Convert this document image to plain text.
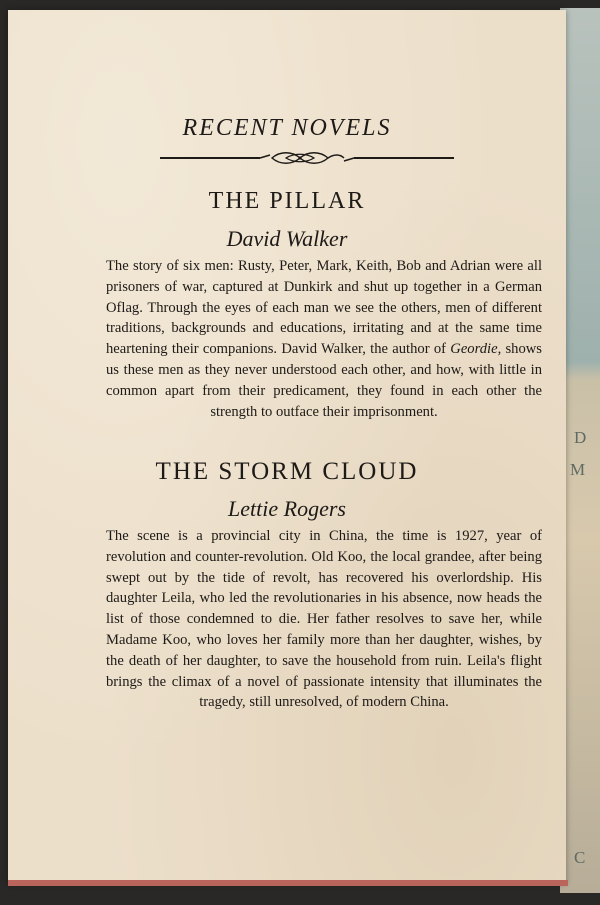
D
M
C
RECENT NOVELS
THE PILLAR
David Walker
The story of six men: Rusty, Peter, Mark, Keith, Bob and Adrian were all prisoners of war, captured at Dunkirk and shut up together in a German Oflag. Through the eyes of each man we see the others, men of different traditions, backgrounds and educations, irritating and at the same time heartening their companions. David Walker, the author of Geordie, shows us these men as they never understood each other, and how, with little in common apart from their predicament, they found in each other the strength to outface their imprisonment.
THE STORM CLOUD
Lettie Rogers
The scene is a provincial city in China, the time is 1927, year of revolution and counter-revolution. Old Koo, the local grandee, after being swept out by the tide of revolt, has recovered his overlordship. His daughter Leila, who led the revolutionaries in his absence, now heads the list of those condemned to die. Her father resolves to save her, while Madame Koo, who loves her family more than her daughter, wishes, by the death of her daughter, to save the household from ruin. Leila's flight brings the climax of a novel of passionate intensity that illuminates the tragedy, still unresolved, of modern China.
